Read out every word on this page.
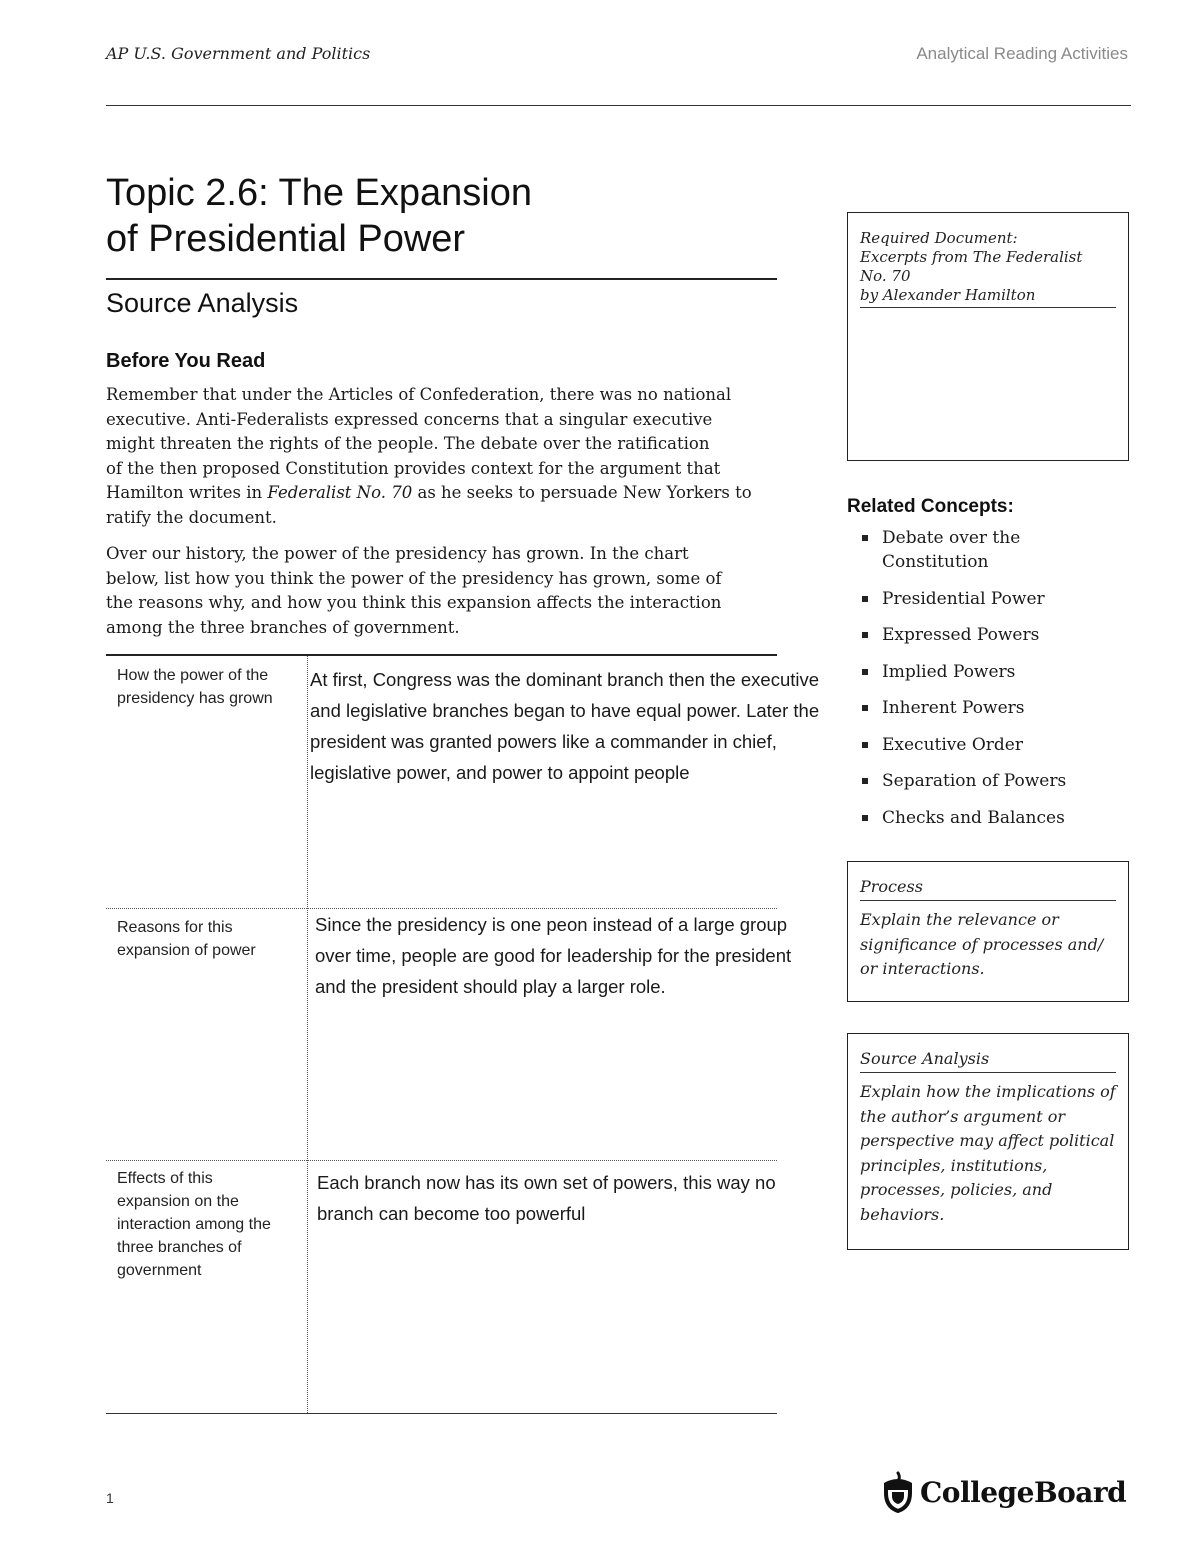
AP U.S. Government and Politics	Analytical Reading Activities
Topic 2.6: The Expansion
of Presidential Power
Source Analysis
Before You Read

Remember that under the Articles of Confederation, there was no national
executive. Anti-Federalists expressed concerns that a singular executive
might threaten the rights of the people. The debate over the ratification
of the then proposed Constitution provides context for the argument that
Hamilton writes in Federalist No. 70 as he seeks to persuade New Yorkers to
ratify the document.

Over our history, the power of the presidency has grown. In the chart
below, list how you think the power of the presidency has grown, some of
the reasons why, and how you think this expansion affects the interaction
among the three branches of government.

How the power of the presidency has grown
At first, Congress was the dominant branch then the executive and legislative branches began to have equal power. Later the president was granted powers like a commander in chief, legislative power, and power to appoint people
Reasons for this expansion of power
Since the presidency is one peon instead of a large group over time, people are good for leadership for the president and the president should play a larger role.
Effects of this expansion on the interaction among the three branches of government
Each branch now has its own set of powers, this way no branch can become too powerful
Required Document:
Excerpts from The Federalist
No. 70
by Alexander Hamilton
Related Concepts:
Debate over the Constitution
Presidential Power
Expressed Powers
Implied Powers
Inherent Powers
Executive Order
Separation of Powers
Checks and Balances
Process
Explain the relevance or significance of processes and/ or interactions.
Source Analysis
Explain how the implications of the author’s argument or perspective may affect political principles, institutions, processes, policies, and behaviors.
1	CollegeBoard
